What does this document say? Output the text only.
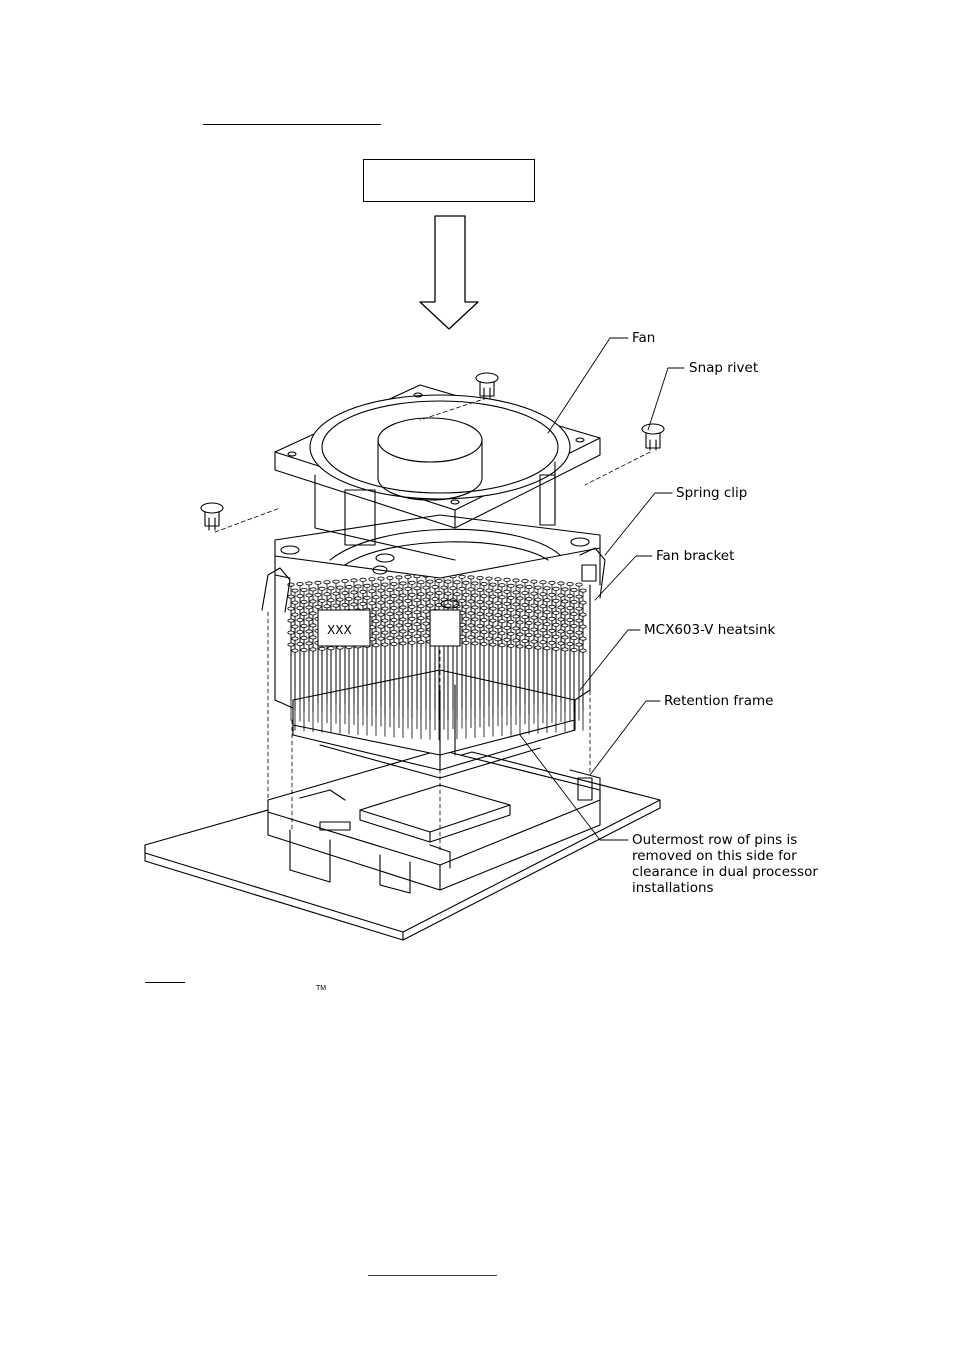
XXX
Fan
Snap rivet
Spring clip
Fan bracket
MCX603-V heatsink
Retention frame
Outermost row of pins is
removed on this side for
clearance in dual processor
installations
TM
